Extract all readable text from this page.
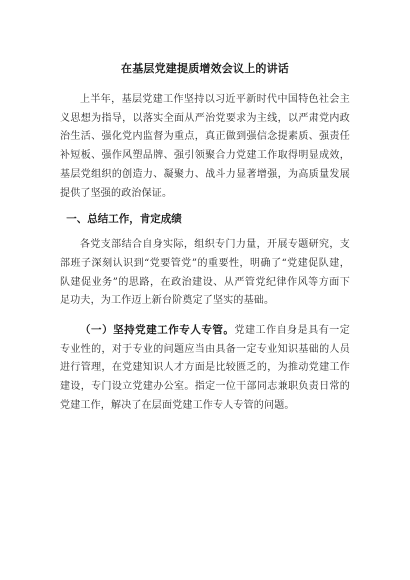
在基层党建提质增效会议上的讲话

上半年，基层党建工作坚持以习近平新时代中国特色社会主义思想为指导，以落实全面从严治党要求为主线，以严肃党内政治生活、强化党内监督为重点，真正做到强信念提素质、强责任补短板、强作风塑品牌、强引领聚合力党建工作取得明显成效，基层党组织的创造力、凝聚力、战斗力显著增强，为高质量发展提供了坚强的政治保证。

一、总结工作，肯定成绩

各党支部结合自身实际，组织专门力量，开展专题研究，支部班子深刻认识到“党要管党”的重要性，明确了“党建促队建，队建促业务”的思路，在政治建设、从严管党纪律作风等方面下足功夫，为工作迈上新台阶奠定了坚实的基础。

（一）坚持党建工作专人专管。党建工作自身是具有一定专业性的，对于专业的问题应当由具备一定专业知识基础的人员进行管理，在党建知识人才方面是比较匮乏的，为推动党建工作建设，专门设立党建办公室。指定一位干部同志兼职负责日常的党建工作，解决了在层面党建工作专人专管的问题。
